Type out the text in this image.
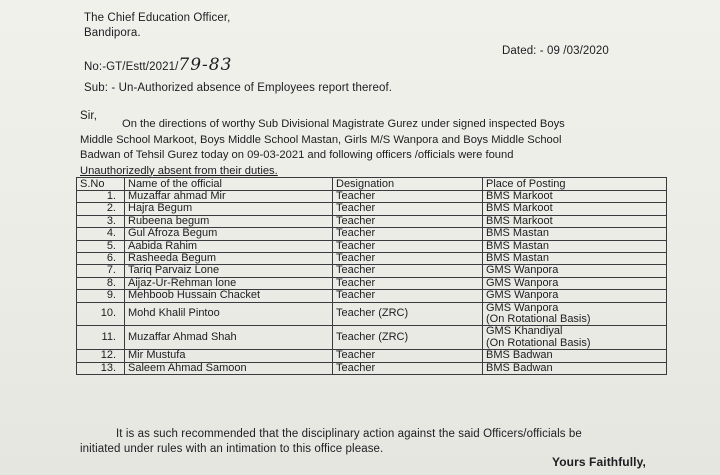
The Chief Education Officer,
Bandipora.
No:-GT/Estt/2021/79-83
Dated: - 09 /03/2020
Sub: - Un-Authorized absence of Employees report thereof.
Sir,
On the directions of worthy Sub Divisional Magistrate Gurez under signed inspected Boys
Middle School Markoot, Boys Middle School Mastan, Girls M/S Wanpora and Boys Middle School
Badwan of Tehsil Gurez today on 09-03-2021 and following officers /officials were found
Unauthorizedly absent from their duties.
S.No	Name of the official	Designation	Place of Posting

1.	Muzaffar ahmad Mir	Teacher	BMS Markoot

2.	Hajra Begum	Teacher	BMS Markoot

3.	Rubeena begum	Teacher	BMS Markoot

4.	Gul Afroza Begum	Teacher	BMS Mastan

5.	Aabida Rahim	Teacher	BMS Mastan

6.	Rasheeda Begum	Teacher	BMS Mastan

7.	Tariq Parvaiz Lone	Teacher	GMS Wanpora

8.	Aijaz-Ur-Rehman lone	Teacher	GMS Wanpora

9.	Mehboob Hussain Chacket	Teacher	GMS Wanpora

10.	Mohd Khalil Pintoo	Teacher (ZRC)	GMS Wanpora
(On Rotational Basis)

11.	Muzaffar Ahmad Shah	Teacher (ZRC)	GMS Khandiyal
(On Rotational Basis)

12.	Mir Mustufa	Teacher	BMS Badwan

13.	Saleem Ahmad Samoon	Teacher	BMS Badwan
It is as such recommended that the disciplinary action against the said Officers/officials be
initiated under rules with an intimation to this office please.
Yours Faithfully,
